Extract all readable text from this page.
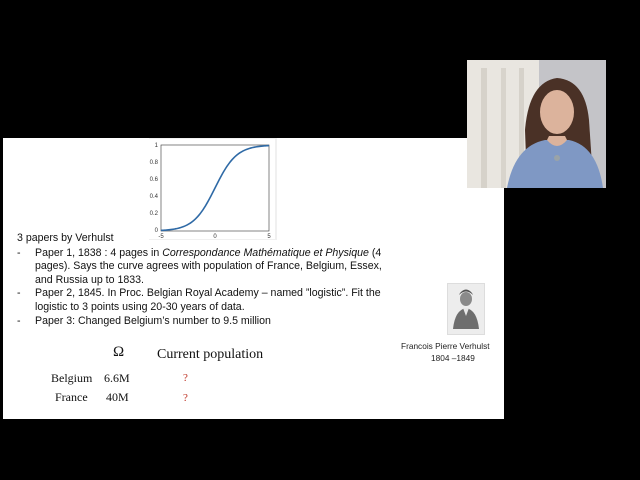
1
0.8
0.6
0.4
0.2
0
-5	0	5
3 papers by Verhulst
- Paper 1, 1838 : 4 pages in Correspondance Mathématique et Physique (4 pages). Says the curve agrees with population of France, Belgium, Essex, and Russia up to 1833.
- Paper 2, 1845. In Proc. Belgian Royal Academy – named ”logistic”. Fit the logistic to 3 points using 20-30 years of data.
- Paper 3: Changed Belgium’s number to 9.5 million
Ω Current population
Belgium 6.6M	?
France 40M	?
Francois Pierre Verhulst
1804 –1849
